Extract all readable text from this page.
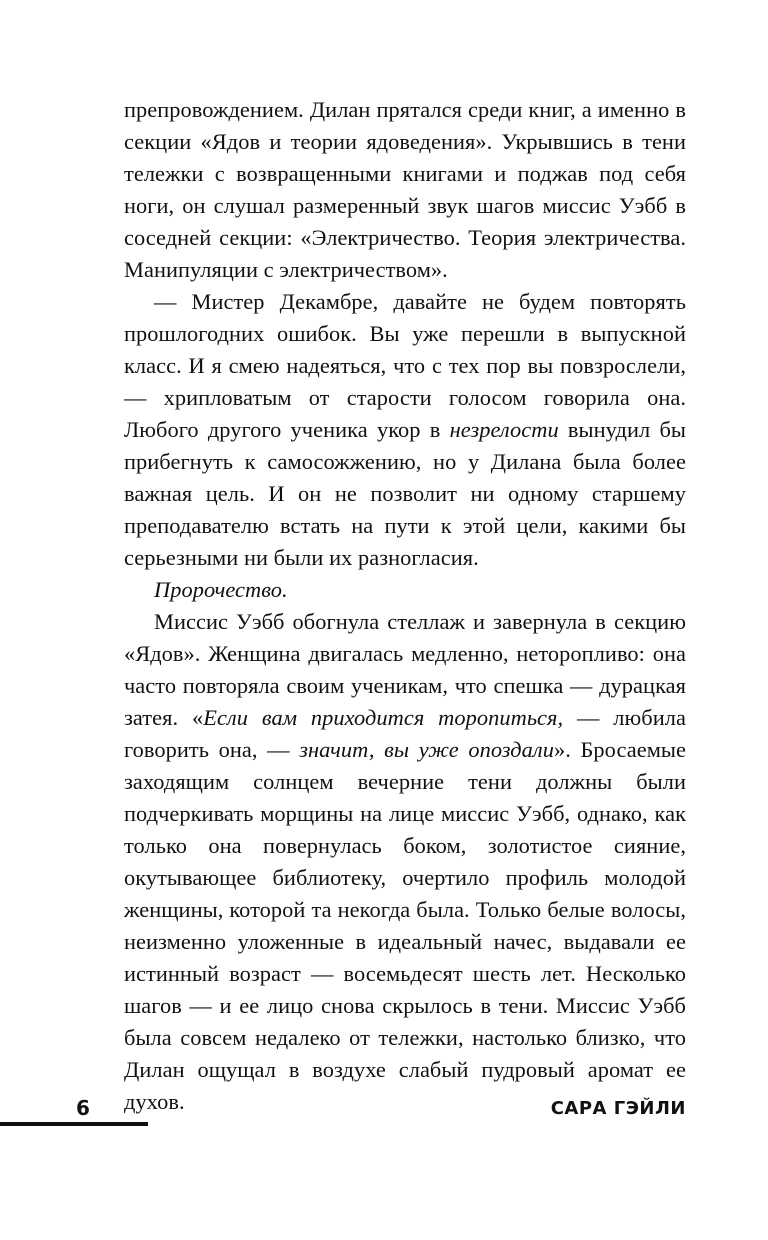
препровождением. Дилан прятался среди книг, а именно в секции «Ядов и теории ядоведения». Укрывшись в тени тележки с возвращенными книгами и поджав под себя ноги, он слушал размеренный звук шагов миссис Уэбб в соседней секции: «Электричество. Теория электричества. Манипуляции с электричеством».

— Мистер Декамбре, давайте не будем повторять прошлогодних ошибок. Вы уже перешли в выпускной класс. И я смею надеяться, что с тех пор вы повзрослели, — хрипловатым от старости голосом говорила она. Любого другого ученика укор в незрелости вынудил бы прибегнуть к самосожжению, но у Дилана была более важная цель. И он не позволит ни одному старшему преподавателю встать на пути к этой цели, какими бы серьезными ни были их разногласия.

Пророчество.

Миссис Уэбб обогнула стеллаж и завернула в секцию «Ядов». Женщина двигалась медленно, неторопливо: она часто повторяла своим ученикам, что спешка — дурацкая затея. «Если вам приходится торопиться, — любила говорить она, — значит, вы уже опоздали». Бросаемые заходящим солнцем вечерние тени должны были подчеркивать морщины на лице миссис Уэбб, однако, как только она повернулась боком, золотистое сияние, окутывающее библиотеку, очертило профиль молодой женщины, которой та некогда была. Только белые волосы, неизменно уложенные в идеальный начес, выдавали ее истинный возраст — восемьдесят шесть лет. Несколько шагов — и ее лицо снова скрылось в тени. Миссис Уэбб была совсем недалеко от тележки, настолько близко, что Дилан ощущал в воздухе слабый пудровый аромат ее духов.

6	САРА ГЭЙЛИ
